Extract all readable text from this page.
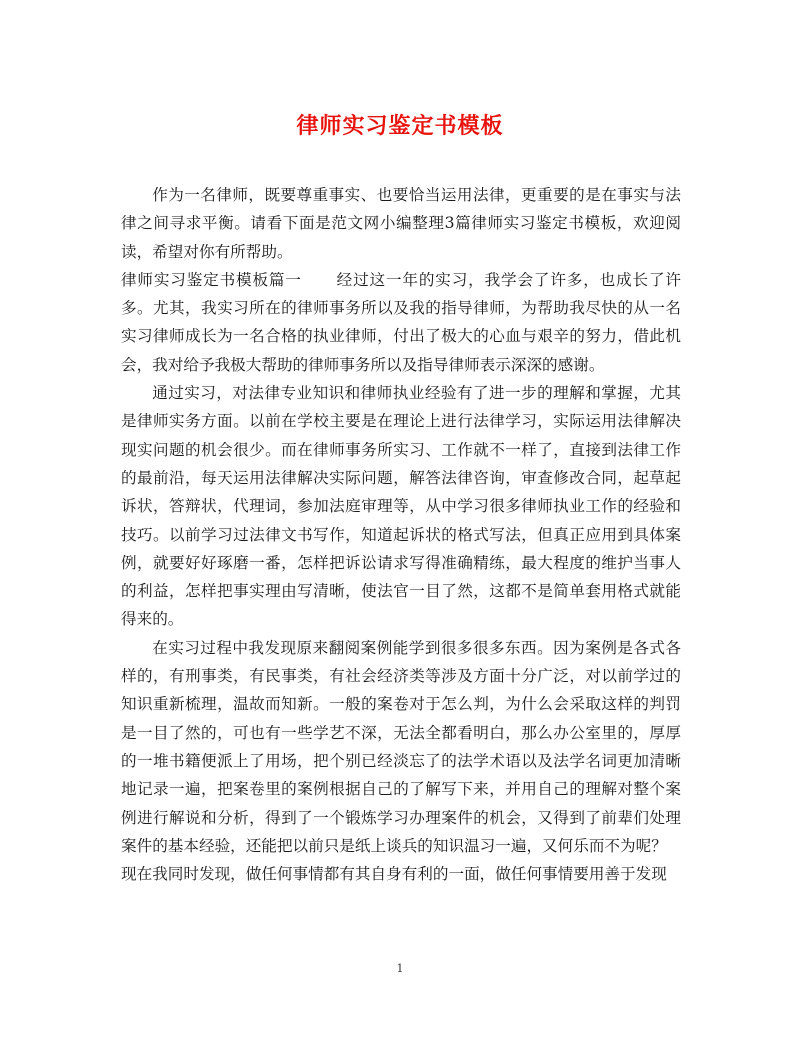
律师实习鉴定书模板

作为一名律师，既要尊重事实、也要恰当运用法律，更重要的是在事实与法律之间寻求平衡。请看下面是范文网小编整理3篇律师实习鉴定书模板，欢迎阅读，希望对你有所帮助。

律师实习鉴定书模板篇一 经过这一年的实习，我学会了许多，也成长了许多。尤其，我实习所在的律师事务所以及我的指导律师，为帮助我尽快的从一名实习律师成长为一名合格的执业律师，付出了极大的心血与艰辛的努力，借此机会，我对给予我极大帮助的律师事务所以及指导律师表示深深的感谢。

通过实习，对法律专业知识和律师执业经验有了进一步的理解和掌握，尤其是律师实务方面。以前在学校主要是在理论上进行法律学习，实际运用法律解决现实问题的机会很少。而在律师事务所实习、工作就不一样了，直接到法律工作的最前沿，每天运用法律解决实际问题，解答法律咨询，审查修改合同，起草起诉状，答辩状，代理词，参加法庭审理等，从中学习很多律师执业工作的经验和技巧。以前学习过法律文书写作，知道起诉状的格式写法，但真正应用到具体案例，就要好好琢磨一番，怎样把诉讼请求写得准确精练，最大程度的维护当事人的利益，怎样把事实理由写清晰，使法官一目了然，这都不是简单套用格式就能得来的。

在实习过程中我发现原来翻阅案例能学到很多很多东西。因为案例是各式各样的，有刑事类，有民事类，有社会经济类等涉及方面十分广泛，对以前学过的知识重新梳理，温故而知新。一般的案卷对于怎么判，为什么会采取这样的判罚是一目了然的，可也有一些学艺不深，无法全都看明白，那么办公室里的，厚厚的一堆书籍便派上了用场，把个别已经淡忘了的法学术语以及法学名词更加清晰地记录一遍，把案卷里的案例根据自己的了解写下来，并用自己的理解对整个案例进行解说和分析，得到了一个锻炼学习办理案件的机会，又得到了前辈们处理案件的基本经验，还能把以前只是纸上谈兵的知识温习一遍，又何乐而不为呢？

现在我同时发现，做任何事情都有其自身有利的一面，做任何事情要用善于发现

1
